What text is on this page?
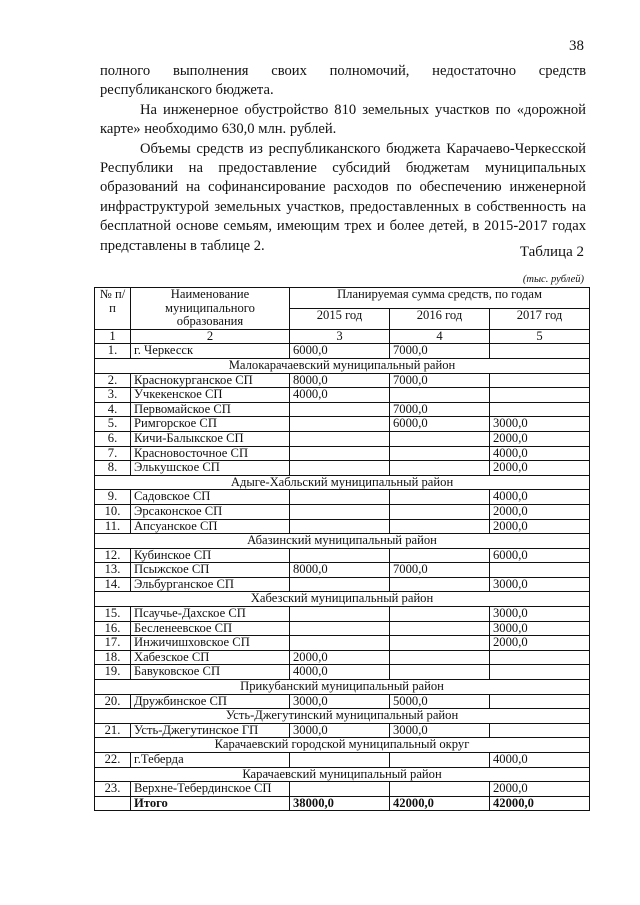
38

полного выполнения своих полномочий, недостаточно средств республиканского бюджета.

На инженерное обустройство 810 земельных участков по «дорожной карте» необходимо 630,0 млн. рублей.

Объемы средств из республиканского бюджета Карачаево-Черкесской Республики на предоставление субсидий бюджетам муниципальных образований на софинансирование расходов по обеспечению инженерной инфраструктурой земельных участков, предоставленных в собственность на бесплатной основе семьям, имеющим трех и более детей, в 2015-2017 годах представлены в таблице 2.	Таблица 2
(тыс. рублей)
№ п/п	Наименование муниципального образования	Планируемая сумма средств, по годам		
		2015 год	2016 год	2017 год
1	2	3	4	5
1.	г. Черкесск	6000,0	7000,0	
Малокарачаевский муниципальный район				
2.	Краснокурганское СП	8000,0	7000,0	
3.	Учкекенское СП	4000,0		
4.	Первомайское СП		7000,0	
5.	Римгорское СП		6000,0	3000,0
6.	Кичи-Балыкское СП			2000,0
7.	Красновосточное СП			4000,0
8.	Элькушское СП			2000,0
Адыге-Хабльский муниципальный район				
9.	Садовское СП			4000,0
10.	Эрсаконское СП			2000,0
11.	Апсуанское СП			2000,0
Абазинский муниципальный район				
12.	Кубинское СП			6000,0
13.	Псыжское СП	8000,0	7000,0	
14.	Эльбурганское СП			3000,0
Хабезский муниципальный район				
15.	Псаучье-Дахское СП			3000,0
16.	Бесленеевское СП			3000,0
17.	Инжичишховское СП			2000,0
18.	Хабезское СП	2000,0		
19.	Бавуковское СП	4000,0		
Прикубанский муниципальный район				
20.	Дружбинское СП	3000,0	5000,0	
Усть-Джегутинский муниципальный район				
21.	Усть-Джегутинское ГП	3000,0	3000,0	
Карачаевский городской муниципальный округ				
22.	г.Теберда			4000,0
Карачаевский муниципальный район				
23.	Верхне-Тебердинское СП			2000,0
	Итого	38000,0	42000,0	42000,0
